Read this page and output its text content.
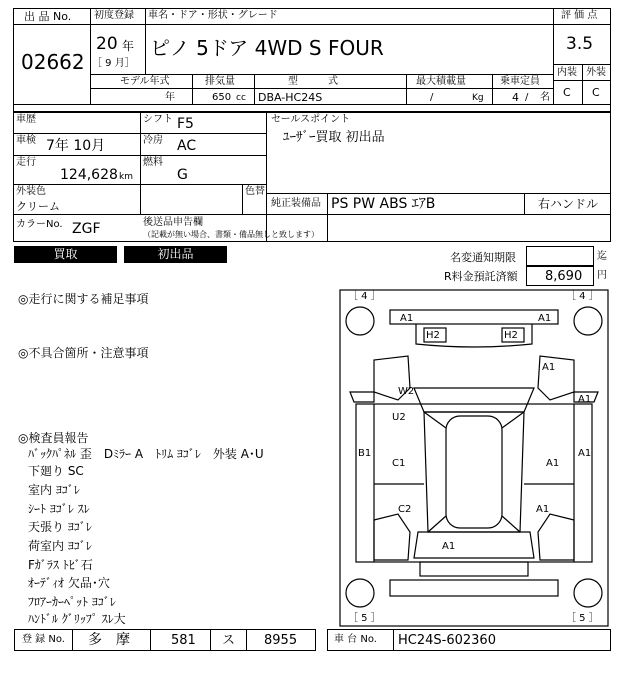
出 品 No.
02662
初度登録
20 年
［ 9 月］
車名・ドア・形状・グレード
ピノ 5ドア 4WD S FOUR
評 価 点
3.5
内装 外装
C C
モデル年式
年
排気量
650 cc
型　　　式
DBA-HC24S
最大積載量
/	Kg
乗車定員
4 / 名
車歴	シフト F5
車検 7年 10月	冷房 AC
走行
124,628 km
燃料
G
外装色
クリーム
色替
カラーNo. ZGF	後送品申告欄
（記載が無い場合、書類・備品無しと致します）
セールスポイント
ﾕｰｻﾞｰ買取 初出品
純正装備品 PS PW ABS ｴｱB	右ハンドル
買取	初出品	名変通知期限	迄
R料金預託済額 8,690 円
◎走行に関する補足事項
◎不具合箇所・注意事項
◎検査員報告
ﾊﾞｯｸﾊﾟﾈﾙ 歪　Dﾐﾗｰ A　ﾄﾘﾑ ﾖｺﾞﾚ　外装 A･U
下廻り SC
室内 ﾖｺﾞﾚ
ｼｰﾄ ﾖｺﾞﾚ ｽﾚ
天張り ﾖｺﾞﾚ
荷室内 ﾖｺﾞﾚ
Fｶﾞﾗｽ ﾄﾋﾞ石
ｵｰﾃﾞｨｵ 欠品･穴
ﾌﾛｱｰｶｰﾍﾟｯﾄ ﾖｺﾞﾚ
ﾊﾝﾄﾞﾙ ｸﾞﾘｯﾌﾟ ｽﾚ大
［ 4 ］	［ 4 ］
［ 5 ］	［ 5 ］
A1	A1
H2	H2
A1
W2
A1
U2
B1
C1
A1
A1
C2	A1
A1
登 録 No. 多　摩	581 ス 8955	車 台 No. HC24S-602360
